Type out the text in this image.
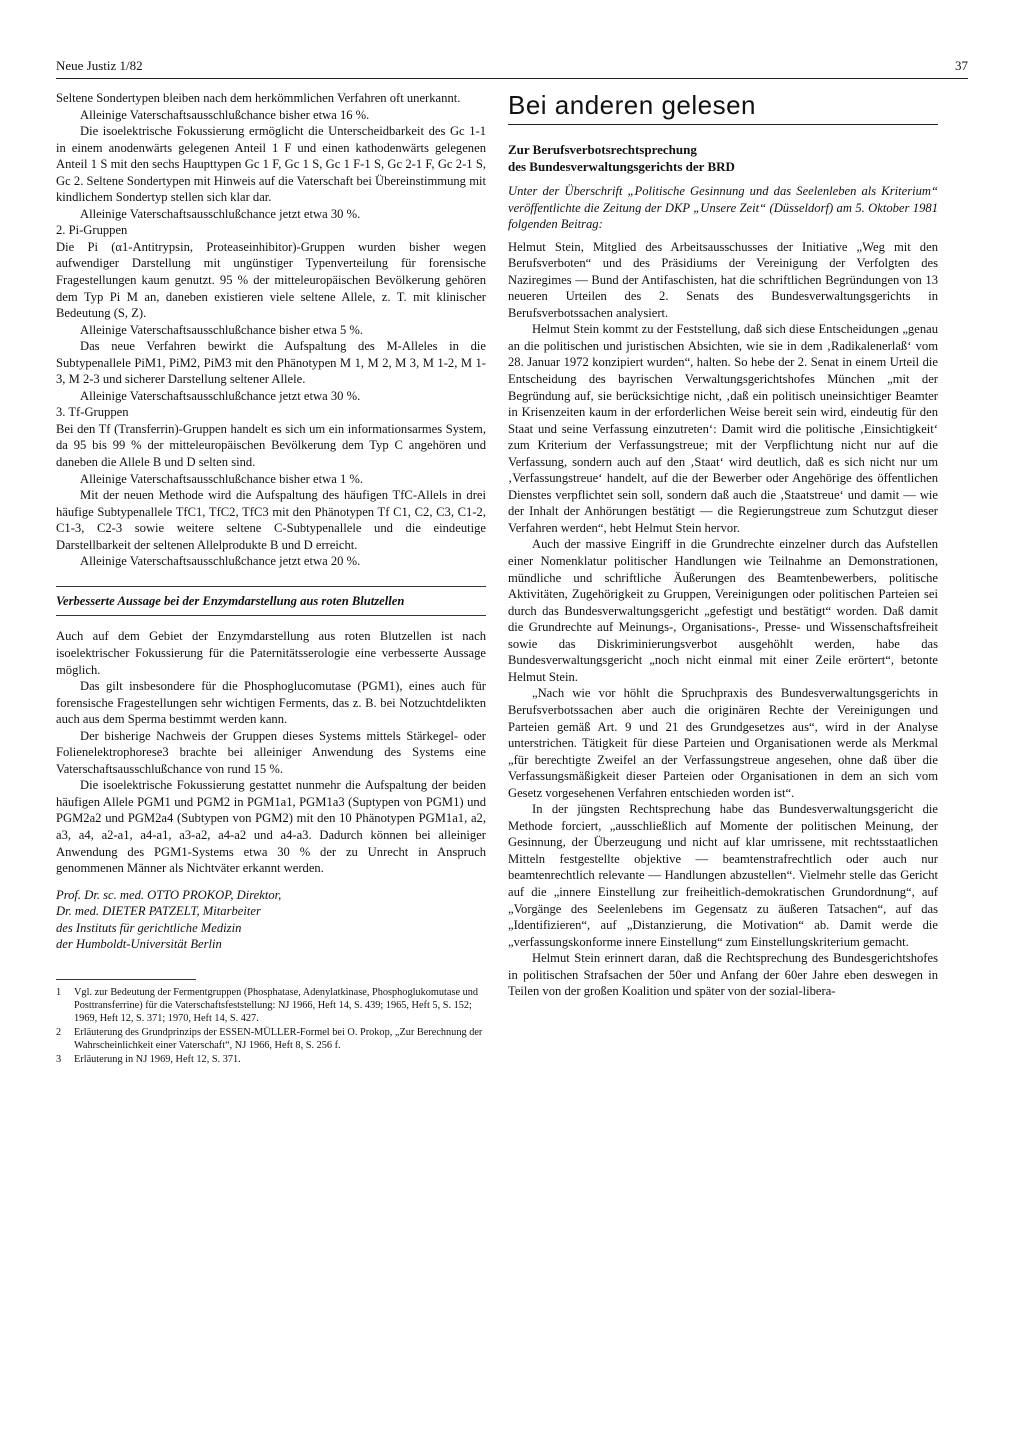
Neue Justiz 1/82	37

Seltene Sondertypen bleiben nach dem herkömmlichen Verfahren oft unerkannt.

Alleinige Vaterschaftsausschlußchance bisher etwa 16 %.

Die isoelektrische Fokussierung ermöglicht die Unterscheidbarkeit des Gc 1-1 in einem anodenwärts gelegenen Anteil 1 F und einen kathodenwärts gelegenen Anteil 1 S mit den sechs Haupttypen Gc 1 F, Gc 1 S, Gc 1 F-1 S, Gc 2-1 F, Gc 2-1 S, Gc 2. Seltene Sondertypen mit Hinweis auf die Vaterschaft bei Übereinstimmung mit kindlichem Sondertyp stellen sich klar dar.

Alleinige Vaterschaftsausschlußchance jetzt etwa 30 %.

2. Pi-Gruppen

Die Pi (α1-Antitrypsin, Proteaseinhibitor)-Gruppen wurden bisher wegen aufwendiger Darstellung mit ungünstiger Typenverteilung für forensische Fragestellungen kaum genutzt. 95 % der mitteleuropäischen Bevölkerung gehören dem Typ Pi M an, daneben existieren viele seltene Allele, z. T. mit klinischer Bedeutung (S, Z).

Alleinige Vaterschaftsausschlußchance bisher etwa 5 %.

Das neue Verfahren bewirkt die Aufspaltung des M-Alleles in die Subtypenallele PiM1, PiM2, PiM3 mit den Phänotypen M 1, M 2, M 3, M 1-2, M 1-3, M 2-3 und sicherer Darstellung seltener Allele.

Alleinige Vaterschaftsausschlußchance jetzt etwa 30 %.

3. Tf-Gruppen

Bei den Tf (Transferrin)-Gruppen handelt es sich um ein informationsarmes System, da 95 bis 99 % der mitteleuropäischen Bevölkerung dem Typ C angehören und daneben die Allele B und D selten sind.

Alleinige Vaterschaftsausschlußchance bisher etwa 1 %.

Mit der neuen Methode wird die Aufspaltung des häufigen TfC-Allels in drei häufige Subtypenallele TfC1, TfC2, TfC3 mit den Phänotypen Tf C1, C2, C3, C1-2, C1-3, C2-3 sowie weitere seltene C-Subtypenallele und die eindeutige Darstellbarkeit der seltenen Allelprodukte B und D erreicht.

Alleinige Vaterschaftsausschlußchance jetzt etwa 20 %.

Verbesserte Aussage bei der Enzymdarstellung aus roten Blutzellen

Auch auf dem Gebiet der Enzymdarstellung aus roten Blutzellen ist nach isoelektrischer Fokussierung für die Paternitätsserologie eine verbesserte Aussage möglich.

Das gilt insbesondere für die Phosphoglucomutase (PGM1), eines auch für forensische Fragestellungen sehr wichtigen Ferments, das z. B. bei Notzuchtdelikten auch aus dem Sperma bestimmt werden kann.

Der bisherige Nachweis der Gruppen dieses Systems mittels Stärkegel- oder Folienelektrophorese3 brachte bei alleiniger Anwendung des Systems eine Vaterschaftsausschlußchance von rund 15 %.

Die isoelektrische Fokussierung gestattet nunmehr die Aufspaltung der beiden häufigen Allele PGM1 und PGM2 in PGM1a1, PGM1a3 (Suptypen von PGM1) und PGM2a2 und PGM2a4 (Subtypen von PGM2) mit den 10 Phänotypen PGM1a1, a2, a3, a4, a2-a1, a4-a1, a3-a2, a4-a2 und a4-a3. Dadurch können bei alleiniger Anwendung des PGM1-Systems etwa 30 % der zu Unrecht in Anspruch genommenen Männer als Nichtväter erkannt werden.

Prof. Dr. sc. med. OTTO PROKOP, Direktor,
Dr. med. DIETER PATZELT, Mitarbeiter
des Instituts für gerichtliche Medizin
der Humboldt-Universität Berlin
1	Vgl. zur Bedeutung der Fermentgruppen (Phosphatase, Adenylatkinase, Phosphoglukomutase und Posttransferrine) für die Vaterschaftsfeststellung: NJ 1966, Heft 14, S. 439; 1965, Heft 5, S. 152; 1969, Heft 12, S. 371; 1970, Heft 14, S. 427.
2	Erläuterung des Grundprinzips der ESSEN-MÜLLER-Formel bei O. Prokop, „Zur Berechnung der Wahrscheinlichkeit einer Vaterschaft“, NJ 1966, Heft 8, S. 256 f.
3	Erläuterung in NJ 1969, Heft 12, S. 371.
Bei anderen gelesen
Zur Berufsverbotsrechtsprechung
des Bundesverwaltungsgerichts der BRD

Unter der Überschrift „Politische Gesinnung und das Seelenleben als Kriterium“ veröffentlichte die Zeitung der DKP „Unsere Zeit“ (Düsseldorf) am 5. Oktober 1981 folgenden Beitrag:

Helmut Stein, Mitglied des Arbeitsausschusses der Initiative „Weg mit den Berufsverboten“ und des Präsidiums der Vereinigung der Verfolgten des Naziregimes — Bund der Antifaschisten, hat die schriftlichen Begründungen von 13 neueren Urteilen des 2. Senats des Bundesverwaltungsgerichts in Berufsverbotssachen analysiert.

Helmut Stein kommt zu der Feststellung, daß sich diese Entscheidungen „genau an die politischen und juristischen Absichten, wie sie in dem ‚Radikalenerlaß‘ vom 28. Januar 1972 konzipiert wurden“, halten. So hebe der 2. Senat in einem Urteil die Entscheidung des bayrischen Verwaltungsgerichtshofes München „mit der Begründung auf, sie berücksichtige nicht, ‚daß ein politisch uneinsichtiger Beamter in Krisenzeiten kaum in der erforderlichen Weise bereit sein wird, eindeutig für den Staat und seine Verfassung einzutreten‘: Damit wird die politische ‚Einsichtigkeit‘ zum Kriterium der Verfassungstreue; mit der Verpflichtung nicht nur auf die Verfassung, sondern auch auf den ‚Staat‘ wird deutlich, daß es sich nicht nur um ‚Verfassungstreue‘ handelt, auf die der Bewerber oder Angehörige des öffentlichen Dienstes verpflichtet sein soll, sondern daß auch die ‚Staatstreue‘ und damit — wie der Inhalt der Anhörungen bestätigt — die Regierungstreue zum Schutzgut dieser Verfahren werden“, hebt Helmut Stein hervor.

Auch der massive Eingriff in die Grundrechte einzelner durch das Aufstellen einer Nomenklatur politischer Handlungen wie Teilnahme an Demonstrationen, mündliche und schriftliche Äußerungen des Beamtenbewerbers, politische Aktivitäten, Zugehörigkeit zu Gruppen, Vereinigungen oder politischen Parteien sei durch das Bundesverwaltungsgericht „gefestigt und bestätigt“ worden. Daß damit die Grundrechte auf Meinungs-, Organisations-, Presse- und Wissenschaftsfreiheit sowie das Diskriminierungsverbot ausgehöhlt werden, habe das Bundesverwaltungsgericht „noch nicht einmal mit einer Zeile erörtert“, betonte Helmut Stein.

„Nach wie vor höhlt die Spruchpraxis des Bundesverwaltungsgerichts in Berufsverbotssachen aber auch die originären Rechte der Vereinigungen und Parteien gemäß Art. 9 und 21 des Grundgesetzes aus“, wird in der Analyse unterstrichen. Tätigkeit für diese Parteien und Organisationen werde als Merkmal „für berechtigte Zweifel an der Verfassungstreue angesehen, ohne daß über die Verfassungsmäßigkeit dieser Parteien oder Organisationen in dem an sich vom Gesetz vorgesehenen Verfahren entschieden worden ist“.

In der jüngsten Rechtsprechung habe das Bundesverwaltungsgericht die Methode forciert, „ausschließlich auf Momente der politischen Meinung, der Gesinnung, der Überzeugung und nicht auf klar umrissene, mit rechtsstaatlichen Mitteln festgestellte objektive — beamtenstrafrechtlich oder auch nur beamtenrechtlich relevante — Handlungen abzustellen“. Vielmehr stelle das Gericht auf die „innere Einstellung zur freiheitlich-demokratischen Grundordnung“, auf „Vorgänge des Seelenlebens im Gegensatz zu äußeren Tatsachen“, auf das „Identifizieren“, auf „Distanzierung, die Motivation“ ab. Damit werde die „verfassungskonforme innere Einstellung“ zum Einstellungskriterium gemacht.

Helmut Stein erinnert daran, daß die Rechtsprechung des Bundesgerichtshofes in politischen Strafsachen der 50er und Anfang der 60er Jahre eben deswegen in Teilen von der großen Koalition und später von der sozial-libera-
